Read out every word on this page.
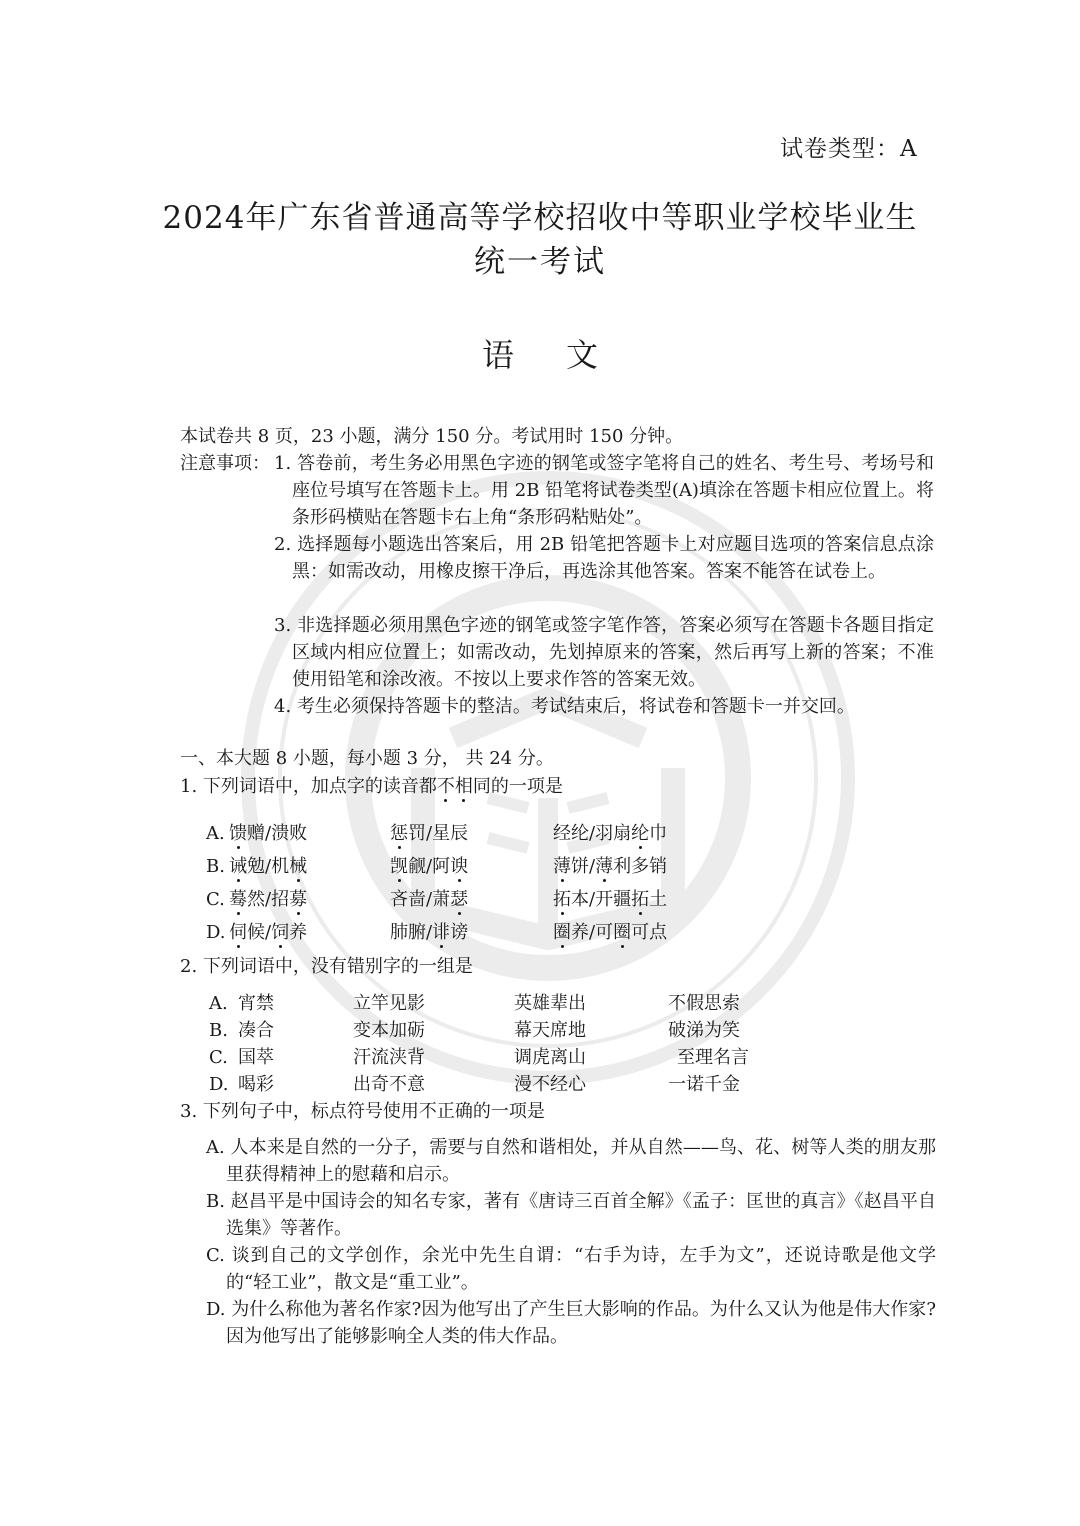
试卷类型：A
2024年广东省普通高等学校招收中等职业学校毕业生
统一考试
语文
本试卷共 8 页，23 小题，满分 150 分。考试用时 150 分钟。
注意事项： 1. 答卷前，考生务必用黑色字迹的钢笔或签字笔将自己的姓名、考生号、考场号和座位号填写在答题卡上。用 2B 铅笔将试卷类型(A)填涂在答题卡相应位置上。将条形码横贴在答题卡右上角“条形码粘贴处”。
2. 选择题每小题选出答案后，用 2B 铅笔把答题卡上对应题目选项的答案信息点涂黑：如需改动，用橡皮擦干净后，再选涂其他答案。答案不能答在试卷上。
3. 非选择题必须用黑色字迹的钢笔或签字笔作答，答案必须写在答题卡各题目指定区域内相应位置上；如需改动，先划掉原来的答案，然后再写上新的答案；不准使用铅笔和涂改液。不按以上要求作答的答案无效。
4. 考生必须保持答题卡的整洁。考试结束后，将试卷和答题卡一并交回。
一、本大题 8 小题，每小题 3 分， 共 24 分。
1. 下列词语中，加点字的读音都不相同的一项是
A. 馈赠/溃败	惩罚/星辰	经纶/羽扇纶巾
B. 诫勉/机械	觊觎/阿谀	薄饼/薄利多销
C. 蓦然/招募	吝啬/萧瑟	拓本/开疆拓土
D. 伺候/饲养	肺腑/诽谤	圈养/可圈可点
2. 下列词语中，没有错别字的一组是
A. 宵禁	立竿见影	英雄辈出	不假思索
B. 凑合	变本加砺	幕天席地	破涕为笑
C. 国萃	汗流浃背	调虎离山	至理名言
D. 喝彩	出奇不意	漫不经心	一诺千金
3. 下列句子中，标点符号使用不正确的一项是
A. 人本来是自然的一分子，需要与自然和谐相处，并从自然——鸟、花、树等人类的朋友那里获得精神上的慰藉和启示。
B. 赵昌平是中国诗会的知名专家，著有《唐诗三百首全解》《孟子：匡世的真言》《赵昌平自选集》等著作。
C. 谈到自己的文学创作，余光中先生自谓：“右手为诗，左手为文”，还说诗歌是他文学的“轻工业”，散文是“重工业”。
D. 为什么称他为著名作家?因为他写出了产生巨大影响的作品。为什么又认为他是伟大作家?因为他写出了能够影响全人类的伟大作品。
